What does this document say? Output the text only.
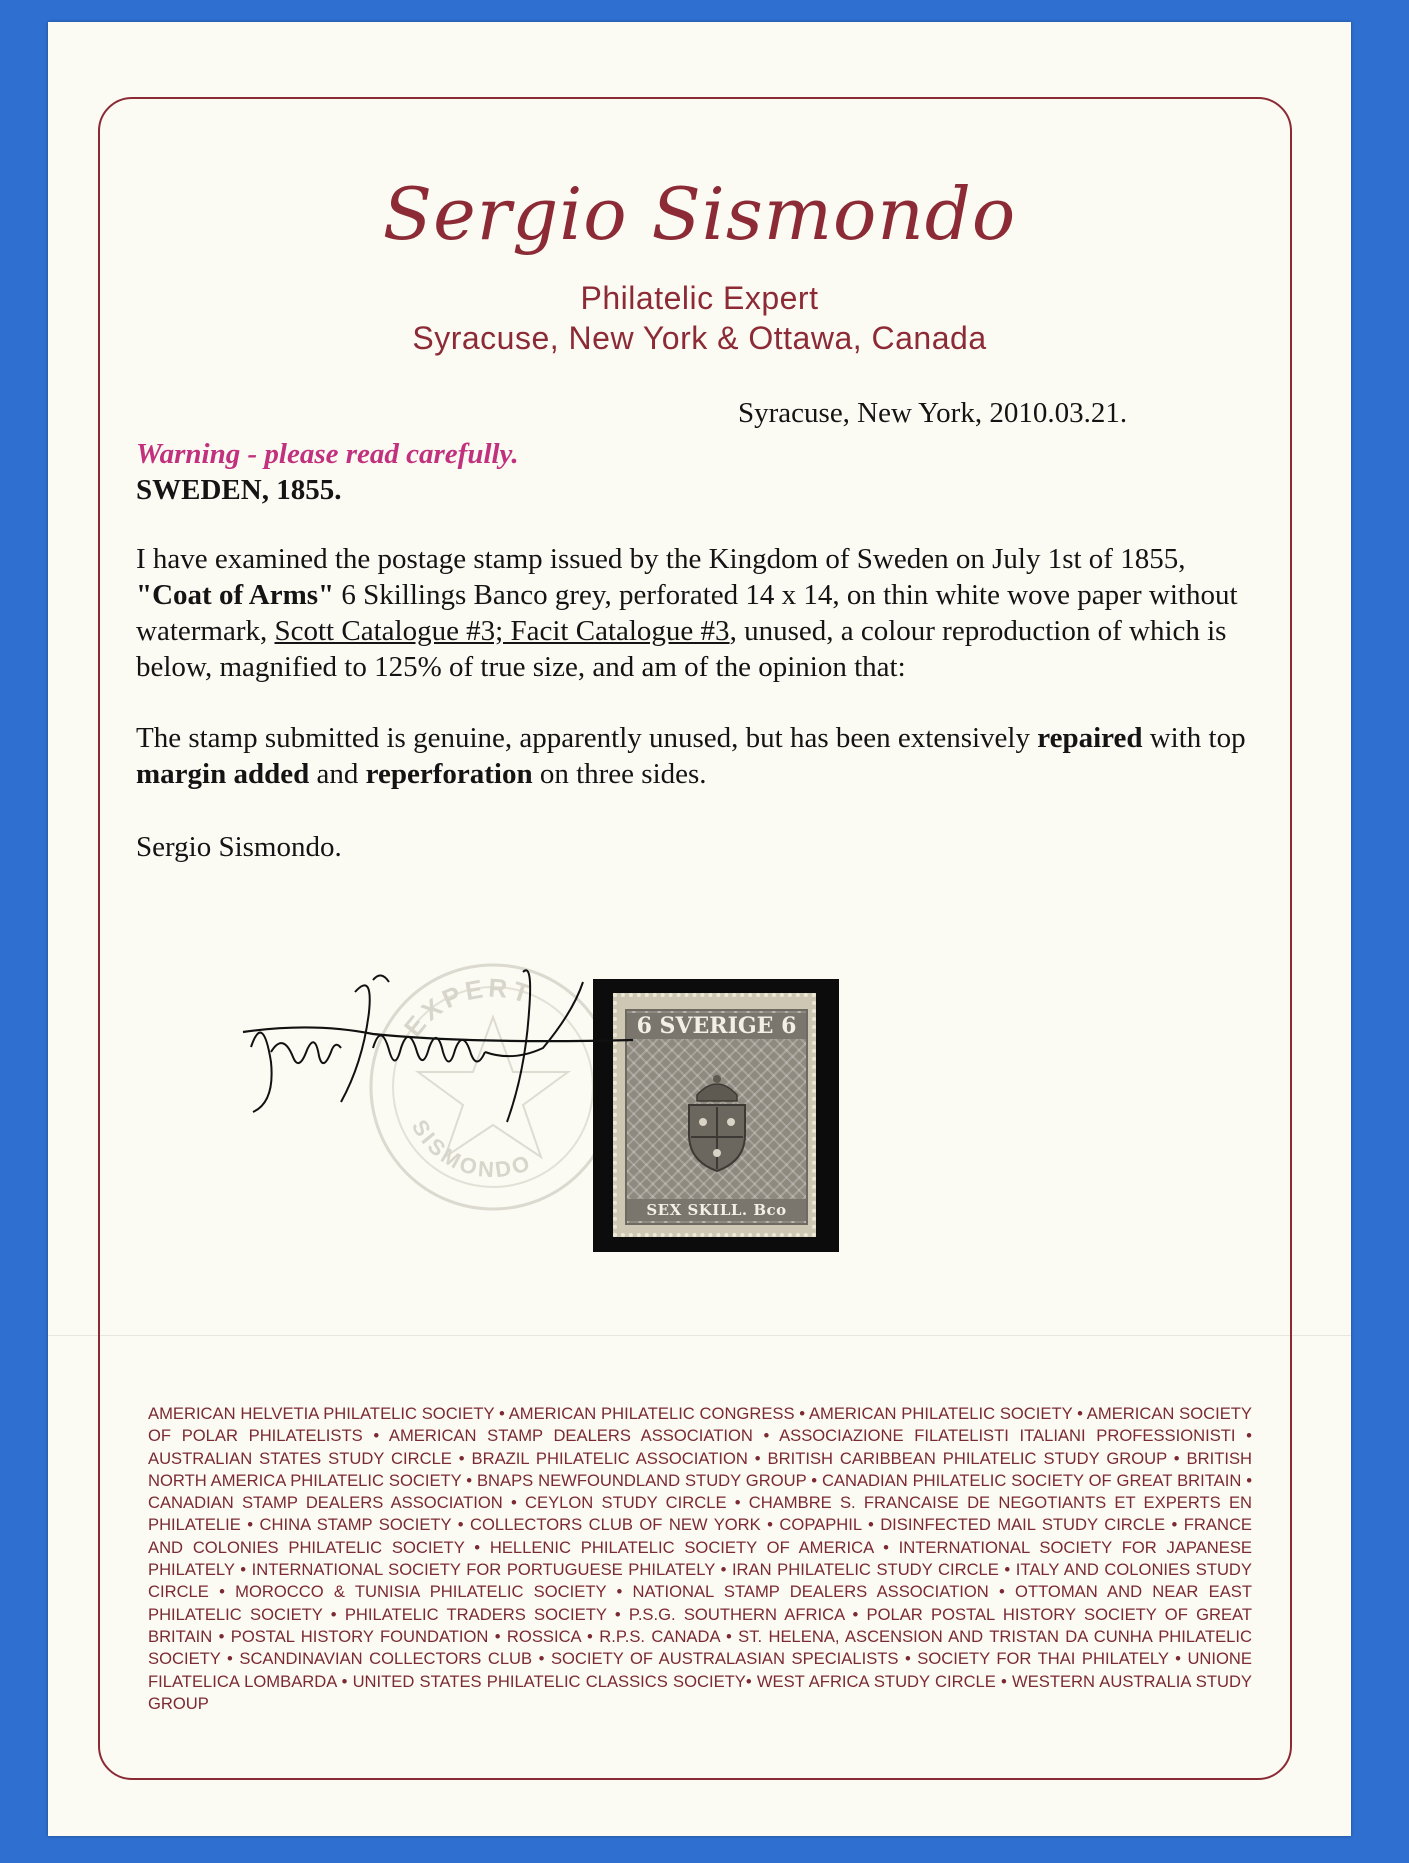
Sergio Sismondo
Philatelic Expert
Syracuse, New York & Ottawa, Canada
Syracuse, New York, 2010.03.21.
Warning - please read carefully.
SWEDEN, 1855.
I have examined the postage stamp issued by the Kingdom of Sweden on July 1st of 1855,
"Coat of Arms" 6 Skillings Banco grey, perforated 14 x 14, on thin white wove paper without watermark, Scott Catalogue #3; Facit Catalogue #3, unused, a colour reproduction of which is below, magnified to 125% of true size, and am of the opinion that:
The stamp submitted is genuine, apparently unused, but has been extensively repaired with top margin added and reperforation on three sides.
Sergio Sismondo.
EXPERT
SISMONDO
6 SVERIGE 6
SEX SKILL. Bco
AMERICAN HELVETIA PHILATELIC SOCIETY • AMERICAN PHILATELIC CONGRESS • AMERICAN PHILATELIC SOCIETY • AMERICAN SOCIETY OF POLAR PHILATELISTS • AMERICAN STAMP DEALERS ASSOCIATION • ASSOCIAZIONE FILATELISTI ITALIANI PROFESSIONISTI • AUSTRALIAN STATES STUDY CIRCLE • BRAZIL PHILATELIC ASSOCIATION • BRITISH CARIBBEAN PHILATELIC STUDY GROUP • BRITISH NORTH AMERICA PHILATELIC SOCIETY • BNAPS NEWFOUNDLAND STUDY GROUP • CANADIAN PHILATELIC SOCIETY OF GREAT BRITAIN • CANADIAN STAMP DEALERS ASSOCIATION • CEYLON STUDY CIRCLE • CHAMBRE S. FRANCAISE DE NEGOTIANTS ET EXPERTS EN PHILATELIE • CHINA STAMP SOCIETY • COLLECTORS CLUB OF NEW YORK • COPAPHIL • DISINFECTED MAIL STUDY CIRCLE • FRANCE AND COLONIES PHILATELIC SOCIETY • HELLENIC PHILATELIC SOCIETY OF AMERICA • INTERNATIONAL SOCIETY FOR JAPANESE PHILATELY • INTERNATIONAL SOCIETY FOR PORTUGUESE PHILATELY • IRAN PHILATELIC STUDY CIRCLE • ITALY AND COLONIES STUDY CIRCLE • MOROCCO & TUNISIA PHILATELIC SOCIETY • NATIONAL STAMP DEALERS ASSOCIATION • OTTOMAN AND NEAR EAST PHILATELIC SOCIETY • PHILATELIC TRADERS SOCIETY • P.S.G. SOUTHERN AFRICA • POLAR POSTAL HISTORY SOCIETY OF GREAT BRITAIN • POSTAL HISTORY FOUNDATION • ROSSICA • R.P.S. CANADA • ST. HELENA, ASCENSION AND TRISTAN DA CUNHA PHILATELIC SOCIETY • SCANDINAVIAN COLLECTORS CLUB • SOCIETY OF AUSTRALASIAN SPECIALISTS • SOCIETY FOR THAI PHILATELY • UNIONE FILATELICA LOMBARDA • UNITED STATES PHILATELIC CLASSICS SOCIETY• WEST AFRICA STUDY CIRCLE • WESTERN AUSTRALIA STUDY GROUP
